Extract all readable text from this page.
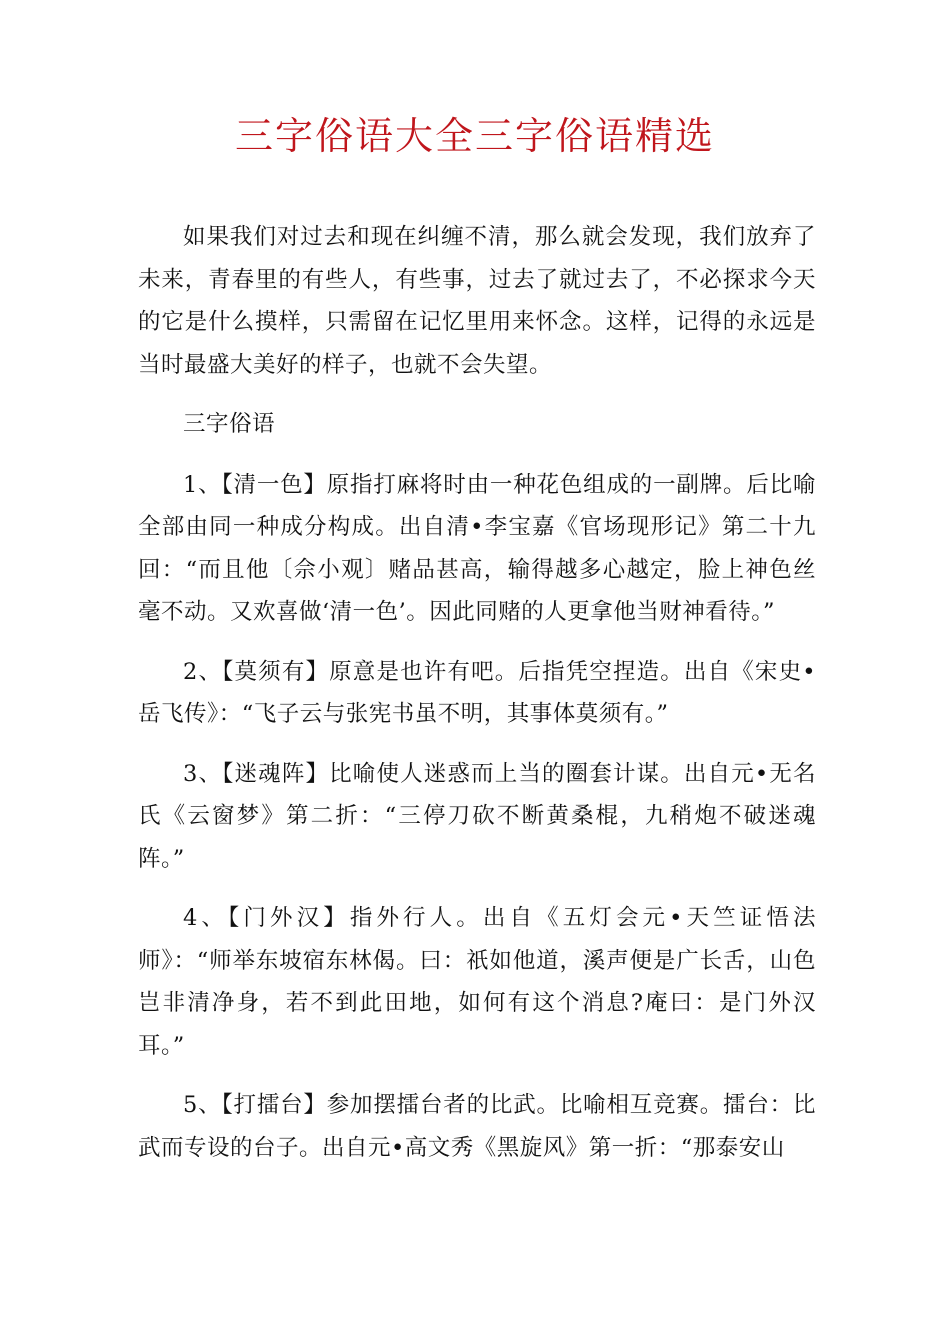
三字俗语大全三字俗语精选

如果我们对过去和现在纠缠不清，那么就会发现，我们放弃了未来，青春里的有些人，有些事，过去了就过去了，不必探求今天的它是什么摸样，只需留在记忆里用来怀念。这样，记得的永远是当时最盛大美好的样子，也就不会失望。

三字俗语

1、【清一色】原指打麻将时由一种花色组成的一副牌。后比喻全部由同一种成分构成。出自清•李宝嘉《官场现形记》第二十九回：“而且他〔佘小观〕赌品甚高，输得越多心越定，脸上神色丝毫不动。又欢喜做‘清一色’。因此同赌的人更拿他当财神看待。”

2、【莫须有】原意是也许有吧。后指凭空捏造。出自《宋史•岳飞传》：“飞子云与张宪书虽不明，其事体莫须有。”

3、【迷魂阵】比喻使人迷惑而上当的圈套计谋。出自元•无名氏《云窗梦》第二折：“三停刀砍不断黄桑棍，九稍炮不破迷魂阵。”

4、【门外汉】指外行人。出自《五灯会元•天竺证悟法师》：“师举东坡宿东林偈。曰：祇如他道，溪声便是广长舌，山色岂非清净身，若不到此田地，如何有这个消息?庵曰：是门外汉耳。”

5、【打擂台】参加摆擂台者的比武。比喻相互竞赛。擂台：比武而专设的台子。出自元•高文秀《黑旋风》第一折：“那泰安山
